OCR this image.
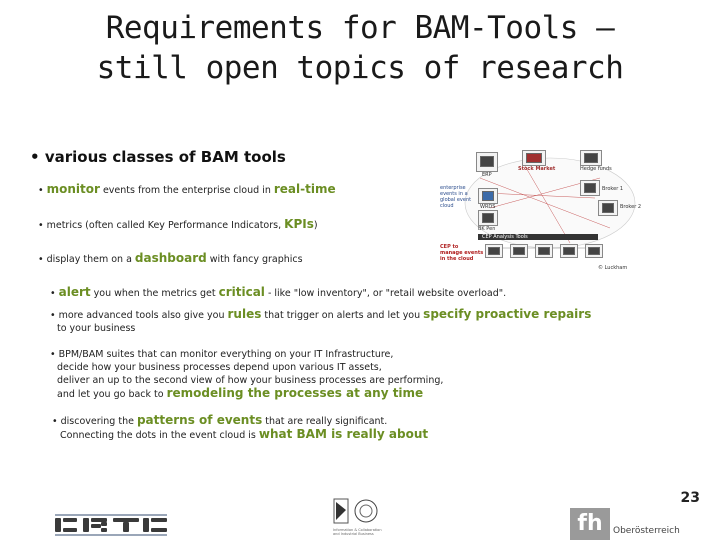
Requirements for BAM-Tools –
still open topics of research
• various classes of BAM tools
• monitor events from the enterprise cloud in real-time
• metrics (often called Key Performance Indicators, KPIs)
• display them on a dashboard with fancy graphics
• alert you when the metrics get critical - like "low inventory", or "retail website overload".
• more advanced tools also give you rules that trigger on alerts and let you specify proactive repairs
to your business
• BPM/BAM suites that can monitor everything on your IT Infrastructure,
decide how your business processes depend upon various IT assets,
deliver an up to the second view of how your business processes are performing,
and let you go back to remodeling the processes at any time
• discovering the patterns of events that are really significant.
Connecting the dots in the event cloud is what BAM is really about
enterprise
events in a
global event
cloud
CEP to
manage events
in the cloud
ERP
Stock Market	Hedge funds
Broker 1
Broker 2
WRDS
BK Pen
CEP Analysis Tools
© Luckham
23
Information & Collaboration
and Industrial Business	fh Oberösterreich
